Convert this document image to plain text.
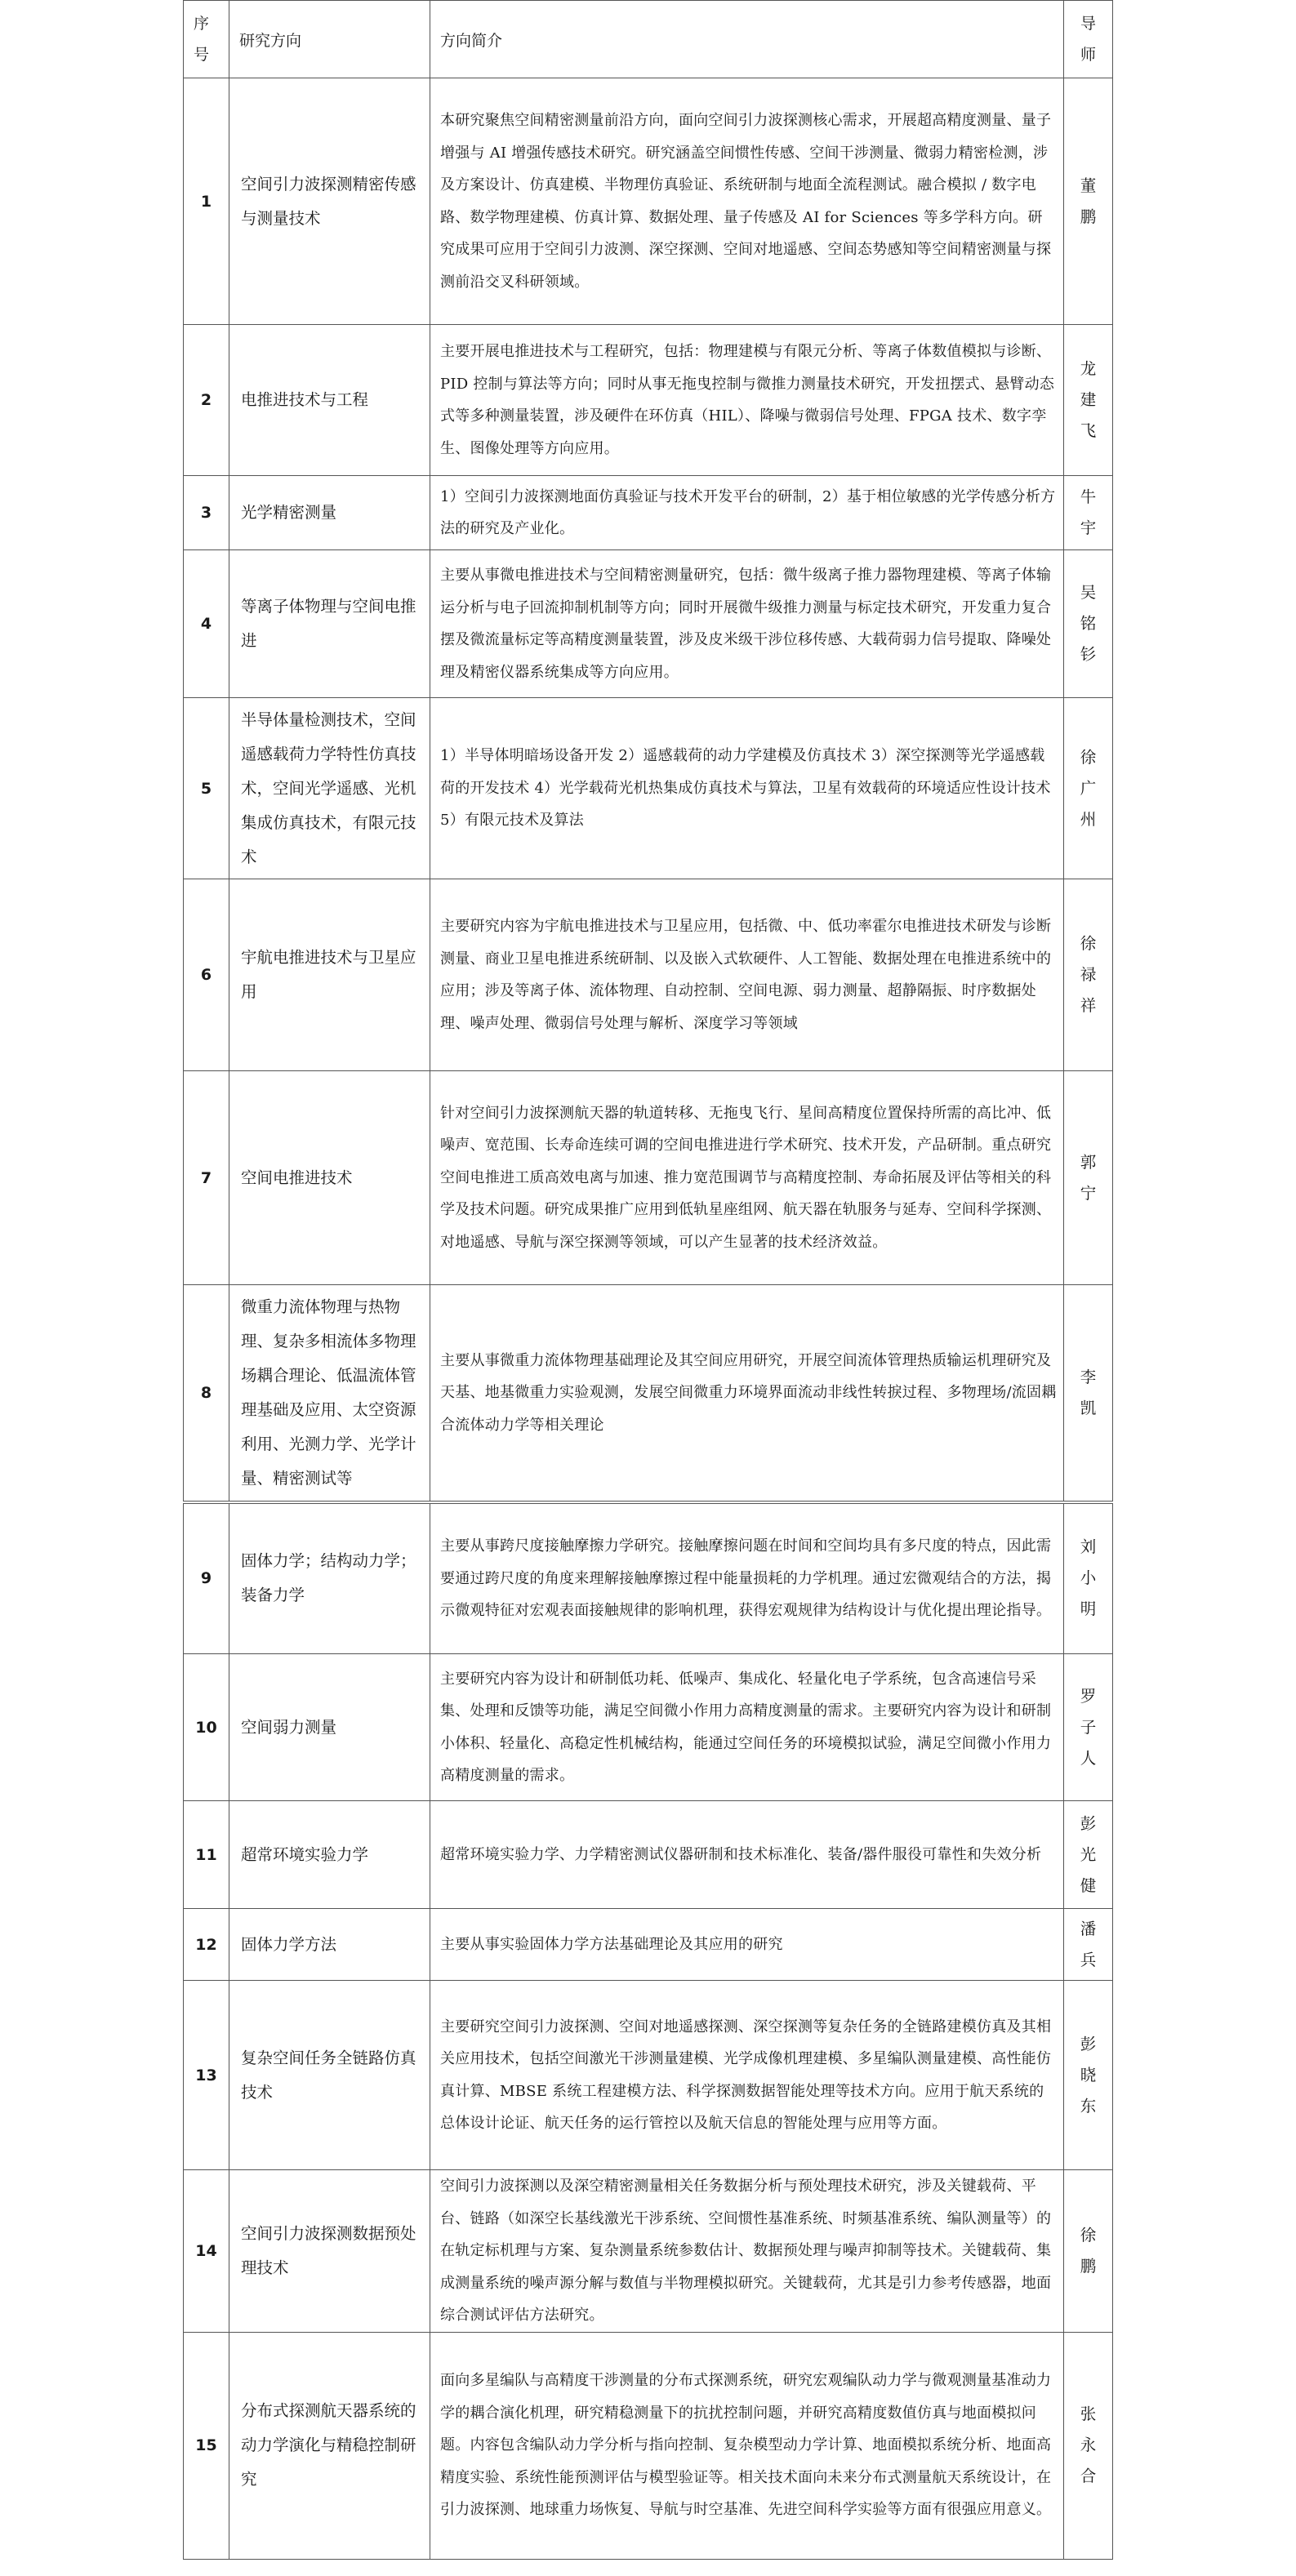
序号	研究方向	方向简介	导师
1	空间引力波探测精密传感与测量技术	本研究聚焦空间精密测量前沿方向，面向空间引力波探测核心需求，开展超高精度测量、量子增强与 AI 增强传感技术研究。研究涵盖空间惯性传感、空间干涉测量、微弱力精密检测，涉及方案设计、仿真建模、半物理仿真验证、系统研制与地面全流程测试。融合模拟 / 数字电路、数学物理建模、仿真计算、数据处理、量子传感及 AI for Sciences 等多学科方向。研究成果可应用于空间引力波测、深空探测、空间对地遥感、空间态势感知等空间精密测量与探测前沿交叉科研领域。	董鹏
2	电推进技术与工程	主要开展电推进技术与工程研究，包括：物理建模与有限元分析、等离子体数值模拟与诊断、PID 控制与算法等方向；同时从事无拖曳控制与微推力测量技术研究，开发扭摆式、悬臂动态式等多种测量装置，涉及硬件在环仿真（HIL）、降噪与微弱信号处理、FPGA 技术、数字孪生、图像处理等方向应用。	龙建飞
3	光学精密测量	1）空间引力波探测地面仿真验证与技术开发平台的研制，2）基于相位敏感的光学传感分析方法的研究及产业化。	牛宇
4	等离子体物理与空间电推进	主要从事微电推进技术与空间精密测量研究，包括：微牛级离子推力器物理建模、等离子体输运分析与电子回流抑制机制等方向；同时开展微牛级推力测量与标定技术研究，开发重力复合摆及微流量标定等高精度测量装置，涉及皮米级干涉位移传感、大载荷弱力信号提取、降噪处理及精密仪器系统集成等方向应用。	吴铭钐
5	半导体量检测技术，空间遥感载荷力学特性仿真技术，空间光学遥感、光机集成仿真技术，有限元技术	1）半导体明暗场设备开发 2）遥感载荷的动力学建模及仿真技术 3）深空探测等光学遥感载荷的开发技术 4）光学载荷光机热集成仿真技术与算法，卫星有效载荷的环境适应性设计技术 5）有限元技术及算法	徐广州
6	宇航电推进技术与卫星应用	主要研究内容为宇航电推进技术与卫星应用，包括微、中、低功率霍尔电推进技术研发与诊断测量、商业卫星电推进系统研制、以及嵌入式软硬件、人工智能、数据处理在电推进系统中的应用；涉及等离子体、流体物理、自动控制、空间电源、弱力测量、超静隔振、时序数据处理、噪声处理、微弱信号处理与解析、深度学习等领域	徐禄祥
7	空间电推进技术	针对空间引力波探测航天器的轨道转移、无拖曳飞行、星间高精度位置保持所需的高比冲、低噪声、宽范围、长寿命连续可调的空间电推进进行学术研究、技术开发，产品研制。重点研究空间电推进工质高效电离与加速、推力宽范围调节与高精度控制、寿命拓展及评估等相关的科学及技术问题。研究成果推广应用到低轨星座组网、航天器在轨服务与延寿、空间科学探测、对地遥感、导航与深空探测等领域，可以产生显著的技术经济效益。	郭宁
8	微重力流体物理与热物理、复杂多相流体多物理场耦合理论、低温流体管理基础及应用、太空资源利用、光测力学、光学计量、精密测试等	主要从事微重力流体物理基础理论及其空间应用研究，开展空间流体管理热质输运机理研究及天基、地基微重力实验观测，发展空间微重力环境界面流动非线性转捩过程、多物理场/流固耦合流体动力学等相关理论	李凯
9	固体力学；结构动力学；装备力学	主要从事跨尺度接触摩擦力学研究。接触摩擦问题在时间和空间均具有多尺度的特点，因此需要通过跨尺度的角度来理解接触摩擦过程中能量损耗的力学机理。通过宏微观结合的方法，揭示微观特征对宏观表面接触规律的影响机理，获得宏观规律为结构设计与优化提出理论指导。	刘小明
10	空间弱力测量	主要研究内容为设计和研制低功耗、低噪声、集成化、轻量化电子学系统，包含高速信号采集、处理和反馈等功能，满足空间微小作用力高精度测量的需求。主要研究内容为设计和研制小体积、轻量化、高稳定性机械结构，能通过空间任务的环境模拟试验，满足空间微小作用力高精度测量的需求。	罗子人
11	超常环境实验力学	超常环境实验力学、力学精密测试仪器研制和技术标准化、装备/器件服役可靠性和失效分析	彭光健
12	固体力学方法	主要从事实验固体力学方法基础理论及其应用的研究	潘兵
13	复杂空间任务全链路仿真技术	主要研究空间引力波探测、空间对地遥感探测、深空探测等复杂任务的全链路建模仿真及其相关应用技术，包括空间激光干涉测量建模、光学成像机理建模、多星编队测量建模、高性能仿真计算、MBSE 系统工程建模方法、科学探测数据智能处理等技术方向。应用于航天系统的总体设计论证、航天任务的运行管控以及航天信息的智能处理与应用等方面。	彭晓东
14	空间引力波探测数据预处理技术	空间引力波探测以及深空精密测量相关任务数据分析与预处理技术研究，涉及关键载荷、平台、链路（如深空长基线激光干涉系统、空间惯性基准系统、时频基准系统、编队测量等）的在轨定标机理与方案、复杂测量系统参数估计、数据预处理与噪声抑制等技术。关键载荷、集成测量系统的噪声源分解与数值与半物理模拟研究。关键载荷，尤其是引力参考传感器，地面综合测试评估方法研究。	徐鹏
15	分布式探测航天器系统的动力学演化与精稳控制研究	面向多星编队与高精度干涉测量的分布式探测系统，研究宏观编队动力学与微观测量基准动力学的耦合演化机理，研究精稳测量下的抗扰控制问题，并研究高精度数值仿真与地面模拟问题。内容包含编队动力学分析与指向控制、复杂模型动力学计算、地面模拟系统分析、地面高精度实验、系统性能预测评估与模型验证等。相关技术面向未来分布式测量航天系统设计，在引力波探测、地球重力场恢复、导航与时空基准、先进空间科学实验等方面有很强应用意义。	张永合
